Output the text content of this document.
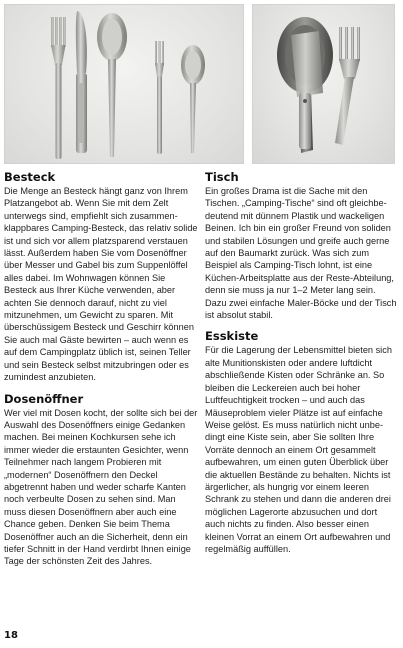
Besteck

Die Menge an Besteck hängt ganz von Ihrem Platzangebot ab. Wenn Sie mit dem Zelt unterwegs sind, empfiehlt sich zusammenklappbares Camping-Besteck, das relativ solide ist und sich vor allem platzsparend verstauen lässt. Außerdem haben Sie vom Dosenöffner über Messer und Gabel bis zum Suppenlöffel alles dabei. Im Wohnwagen können Sie Besteck aus Ihrer Küche verwenden, aber achten Sie dennoch darauf, nicht zu viel mitzunehmen, um Gewicht zu sparen. Mit überschüssigem Besteck und Geschirr können Sie auch mal Gäste bewirten – auch wenn es auf dem Campingplatz üblich ist, seinen Teller und sein Besteck selbst mitzubringen oder es zumindest anzubieten.

Dosenöffner

Wer viel mit Dosen kocht, der sollte sich bei der Auswahl des Dosenöffners einige Gedanken machen. Bei meinen Kochkursen sehe ich immer wieder die erstaunten Gesichter, wenn Teilnehmer nach langem Probieren mit „modernen“ Dosenöffnern den Deckel abgetrennt haben und weder scharfe Kanten noch verbeulte Dosen zu sehen sind. Man muss diesen Dosenöffnern aber auch eine Chance geben. Denken Sie beim Thema Dosenöffner auch an die Sicherheit, denn ein tiefer Schnitt in der Hand verdirbt Ihnen einige Tage der schönsten Zeit des Jahres.

Tisch

Ein großes Drama ist die Sache mit den Tischen. „Camping-Tische“ sind oft gleichbedeutend mit dünnem Plastik und wackeligen Beinen. Ich bin ein großer Freund von soliden und stabilen Lösungen und greife auch gerne auf den Baumarkt zurück. Was sich zum Beispiel als Camping-Tisch lohnt, ist eine Küchen-Arbeitsplatte aus der Reste-Abteilung, denn sie muss ja nur 1–2 Meter lang sein. Dazu zwei einfache Maler-Böcke und der Tisch ist absolut stabil.

Esskiste

Für die Lagerung der Lebensmittel bieten sich alte Munitionskisten oder andere luftdicht abschließende Kisten oder Schränke an. So bleiben die Leckereien auch bei hoher Luftfeuchtigkeit trocken – und auch das Mäuseproblem vieler Plätze ist auf einfache Weise gelöst. Es muss natürlich nicht unbedingt eine Kiste sein, aber Sie sollten Ihre Vorräte dennoch an einem Ort gesammelt aufbewahren, um einen guten Überblick über die aktuellen Bestände zu behalten. Nichts ist ärgerlicher, als hungrig vor einem leeren Schrank zu stehen und dann die anderen drei möglichen Lagerorte abzusuchen und dort auch nichts zu finden. Also besser einen kleinen Vorrat an einem Ort aufbewahren und regelmäßig auffüllen.

18
